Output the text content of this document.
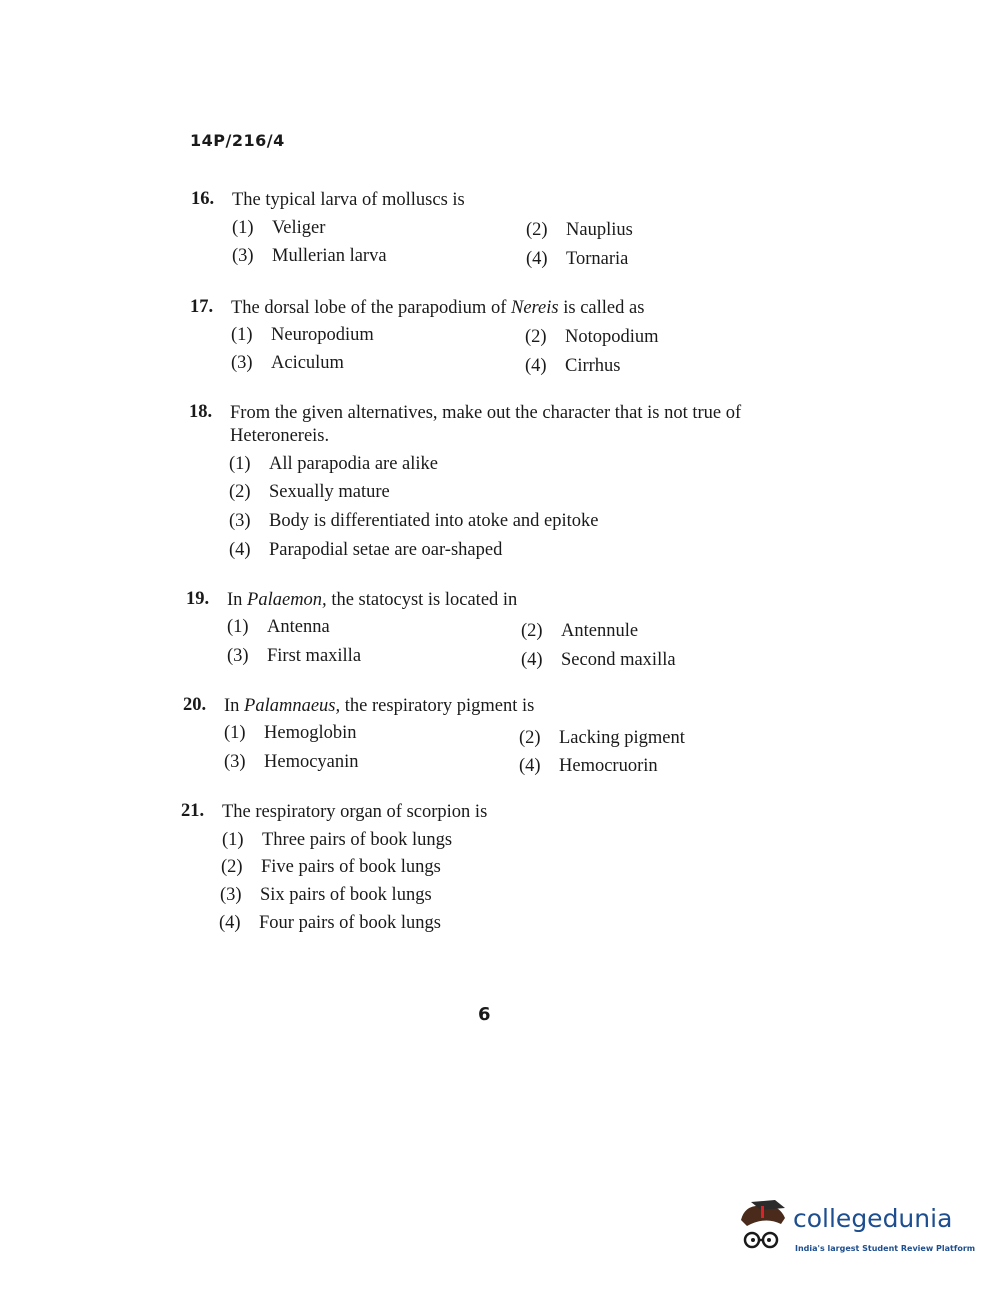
14P/216/4
16. The typical larva of molluscs is
(1) Veliger	(2) Nauplius
(3) Mullerian larva	(4) Tornaria
17. The dorsal lobe of the parapodium of Nereis is called as
(1) Neuropodium	(2) Notopodium
(3) Aciculum	(4) Cirrhus
18. From the given alternatives, make out the character that is not true of Heteronereis.
(1) All parapodia are alike
(2) Sexually mature
(3) Body is differentiated into atoke and epitoke
(4) Parapodial setae are oar-shaped
19. In Palaemon, the statocyst is located in
(1) Antenna	(2) Antennule
(3) First maxilla	(4) Second maxilla
20. In Palamnaeus, the respiratory pigment is
(1) Hemoglobin	(2) Lacking pigment
(3) Hemocyanin	(4) Hemocruorin
21. The respiratory organ of scorpion is
(1) Three pairs of book lungs
(2) Five pairs of book lungs
(3) Six pairs of book lungs
(4) Four pairs of book lungs
6
collegedunia
India's largest Student Review Platform
